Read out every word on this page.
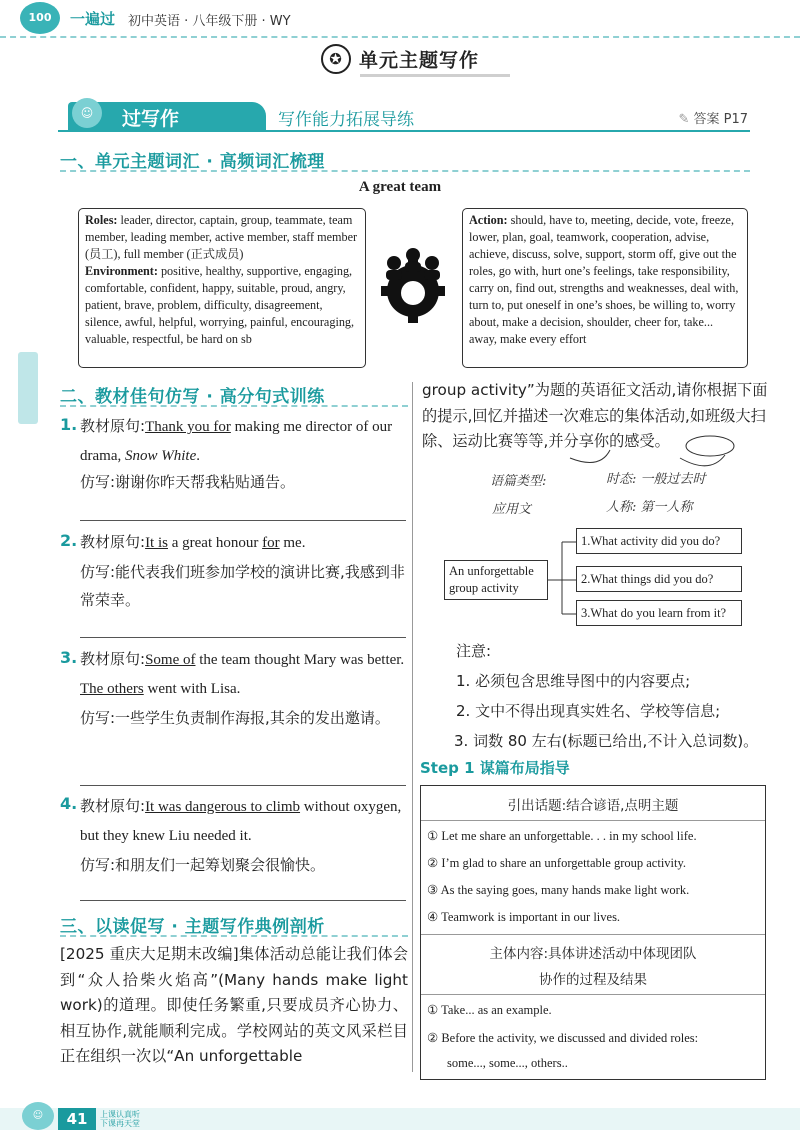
100	一遍过 初中英语 · 八年级下册 · WY
✪ 单元主题写作
☺	过写作	写作能力拓展导练	✎ 答案 P17
一、单元主题词汇 · 高频词汇梳理
A great team
Roles: leader, director, captain, group, teammate, team member, leading member, active member, staff member (员工), full member (正式成员)
Environment: positive, healthy, supportive, engaging, comfortable, confident, happy, suitable, proud, angry, patient, brave, problem, difficulty, disagreement, silence, awful, helpful, worrying, painful, encouraging, valuable, respectful, be hard on sb
Action: should, have to, meeting, decide, vote, freeze, lower, plan, goal, teamwork, cooperation, advise, achieve, discuss, solve, support, storm off, give out the roles, go with, hurt one’s feelings, take responsibility, carry on, find out, strengths and weaknesses, deal with, turn to, put oneself in one’s shoes, be willing to, worry about, make a decision, shoulder, cheer for, take... away, make every effort
二、教材佳句仿写 · 高分句式训练
1. 教材原句:Thank you for making me director of our drama, Snow White.
仿写:谢谢你昨天帮我粘贴通告。
2. 教材原句:It is a great honour for me.
仿写:能代表我们班参加学校的演讲比赛,我感到非常荣幸。
3. 教材原句:Some of the team thought Mary was better. The others went with Lisa.
仿写:一些学生负责制作海报,其余的发出邀请。
4. 教材原句:It was dangerous to climb without oxygen, but they knew Liu needed it.
仿写:和朋友们一起筹划聚会很愉快。
三、以读促写 · 主题写作典例剖析
[2025 重庆大足期末改编]集体活动总能让我们体会到“众人拾柴火焰高”(Many hands make light work)的道理。即使任务繁重,只要成员齐心协力、相互协作,就能顺利完成。学校网站的英文风采栏目正在组织一次以“An unforgettable
group activity”为题的英语征文活动,请你根据下面的提示,回忆并描述一次难忘的集体活动,如班级大扫除、运动比赛等等,并分享你的感受。
语篇类型:	时态: 一般过去时
应用文	人称: 第一人称
An unforgettable group activity
1.What activity did you do?
2.What things did you do?
3.What do you learn from it?
注意:
1. 必须包含思维导图中的内容要点;
2. 文中不得出现真实姓名、学校等信息;
3. 词数 80 左右(标题已给出,不计入总词数)。
Step 1 谋篇布局指导
引出话题:结合谚语,点明主题
① Let me share an unforgettable. . . in my school life.
② I’m glad to share an unforgettable group activity.
③ As the saying goes, many hands make light work.
④ Teamwork is important in our lives.
主体内容:具体讲述活动中体现团队
协作的过程及结果
① Take... as an example.
② Before the activity, we discussed and divided roles:
some..., some..., others..
☺	41	上课认真听
下课再天堂
